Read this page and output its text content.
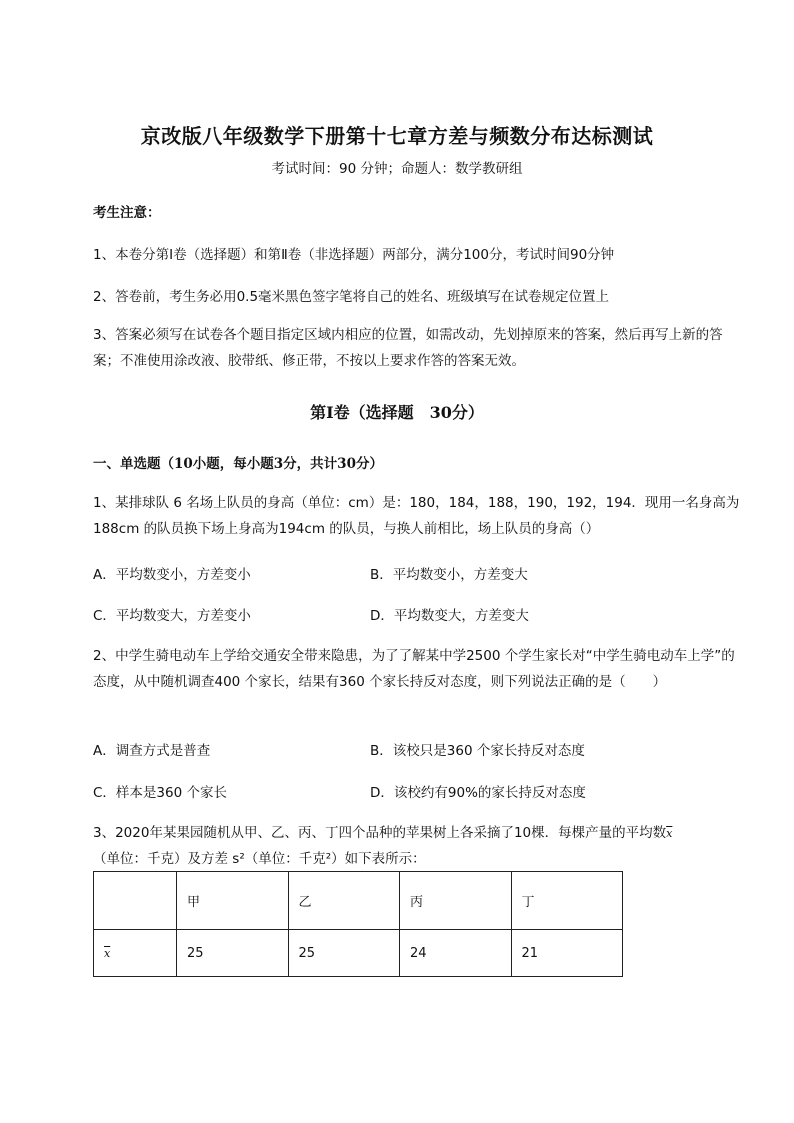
京改版八年级数学下册第十七章方差与频数分布达标测试
考试时间：90 分钟；命题人：数学教研组
考生注意：
1、本卷分第Ⅰ卷（选择题）和第Ⅱ卷（非选择题）两部分，满分100分，考试时间90分钟
2、答卷前，考生务必用0.5毫米黑色签字笔将自己的姓名、班级填写在试卷规定位置上
3、答案必须写在试卷各个题目指定区域内相应的位置，如需改动，先划掉原来的答案，然后再写上新的答案；不准使用涂改液、胶带纸、修正带，不按以上要求作答的答案无效。
第Ⅰ卷（选择题　30分）
一、单选题（10小题，每小题3分，共计30分）
1、某排球队 6 名场上队员的身高（单位：cm）是：180，184，188，190，192，194．现用一名身高为 188cm 的队员换下场上身高为194cm 的队员，与换人前相比，场上队员的身高（）
A．平均数变小，方差变小	B．平均数变小，方差变大
C．平均数变大，方差变小	D．平均数变大，方差变大
2、中学生骑电动车上学给交通安全带来隐患，为了了解某中学2500 个学生家长对“中学生骑电动车上学”的态度，从中随机调查400 个家长，结果有360 个家长持反对态度，则下列说法正确的是（　　）
A．调查方式是普查	B．该校只是360 个家长持反对态度
C．样本是360 个家长	D．该校约有90%的家长持反对态度
3、2020年某果园随机从甲、乙、丙、丁四个品种的苹果树上各采摘了10棵．每棵产量的平均数$\overline{x}$
（单位：千克）及方差 s²（单位：千克²）如下表所示：
	甲	乙	丙	丁
$\overline{x}$	25	25	24	21
